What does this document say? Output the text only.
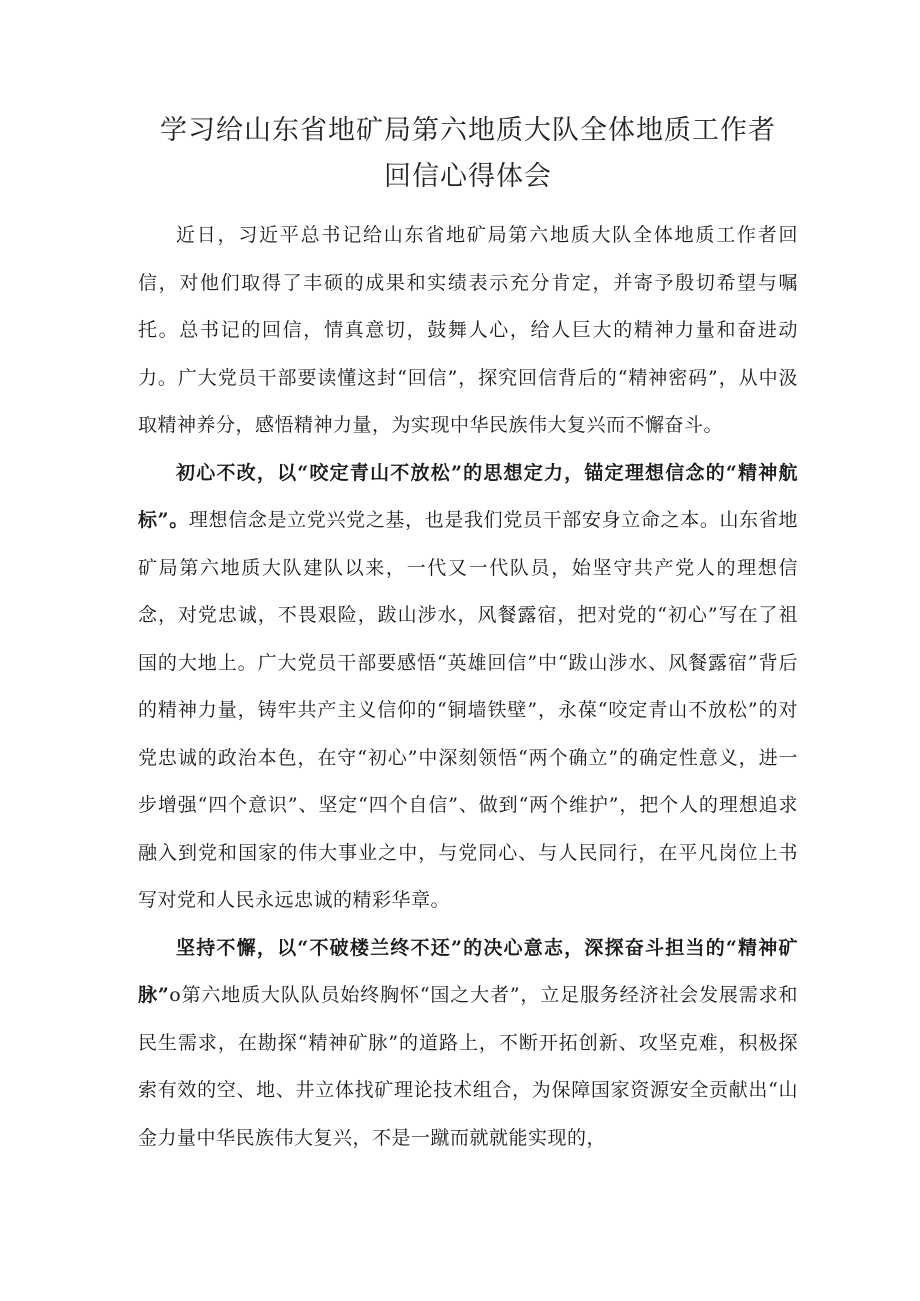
学习给山东省地矿局第六地质大队全体地质工作者
回信心得体会

近日，习近平总书记给山东省地矿局第六地质大队全体地质工作者回信，对他们取得了丰硕的成果和实绩表示充分肯定，并寄予殷切希望与嘱托。总书记的回信，情真意切，鼓舞人心，给人巨大的精神力量和奋进动力。广大党员干部要读懂这封“回信”，探究回信背后的“精神密码”，从中汲取精神养分，感悟精神力量，为实现中华民族伟大复兴而不懈奋斗。

初心不改，以“咬定青山不放松”的思想定力，锚定理想信念的“精神航标”。理想信念是立党兴党之基，也是我们党员干部安身立命之本。山东省地矿局第六地质大队建队以来，一代又一代队员，始坚守共产党人的理想信念，对党忠诚，不畏艰险，跋山涉水，风餐露宿，把对党的“初心”写在了祖国的大地上。广大党员干部要感悟“英雄回信”中“跋山涉水、风餐露宿”背后的精神力量，铸牢共产主义信仰的“铜墙铁壁”，永葆“咬定青山不放松”的对党忠诚的政治本色，在守“初心”中深刻领悟“两个确立”的确定性意义，进一步增强“四个意识”、坚定“四个自信”、做到“两个维护”，把个人的理想追求融入到党和国家的伟大事业之中，与党同心、与人民同行，在平凡岗位上书写对党和人民永远忠诚的精彩华章。

坚持不懈，以“不破楼兰终不还”的决心意志，深探奋斗担当的“精神矿脉”o第六地质大队队员始终胸怀“国之大者”，立足服务经济社会发展需求和民生需求，在勘探“精神矿脉”的道路上，不断开拓创新、攻坚克难，积极探索有效的空、地、井立体找矿理论技术组合，为保障国家资源安全贡献出“山金力量中华民族伟大复兴，不是一蹴而就就能实现的，
